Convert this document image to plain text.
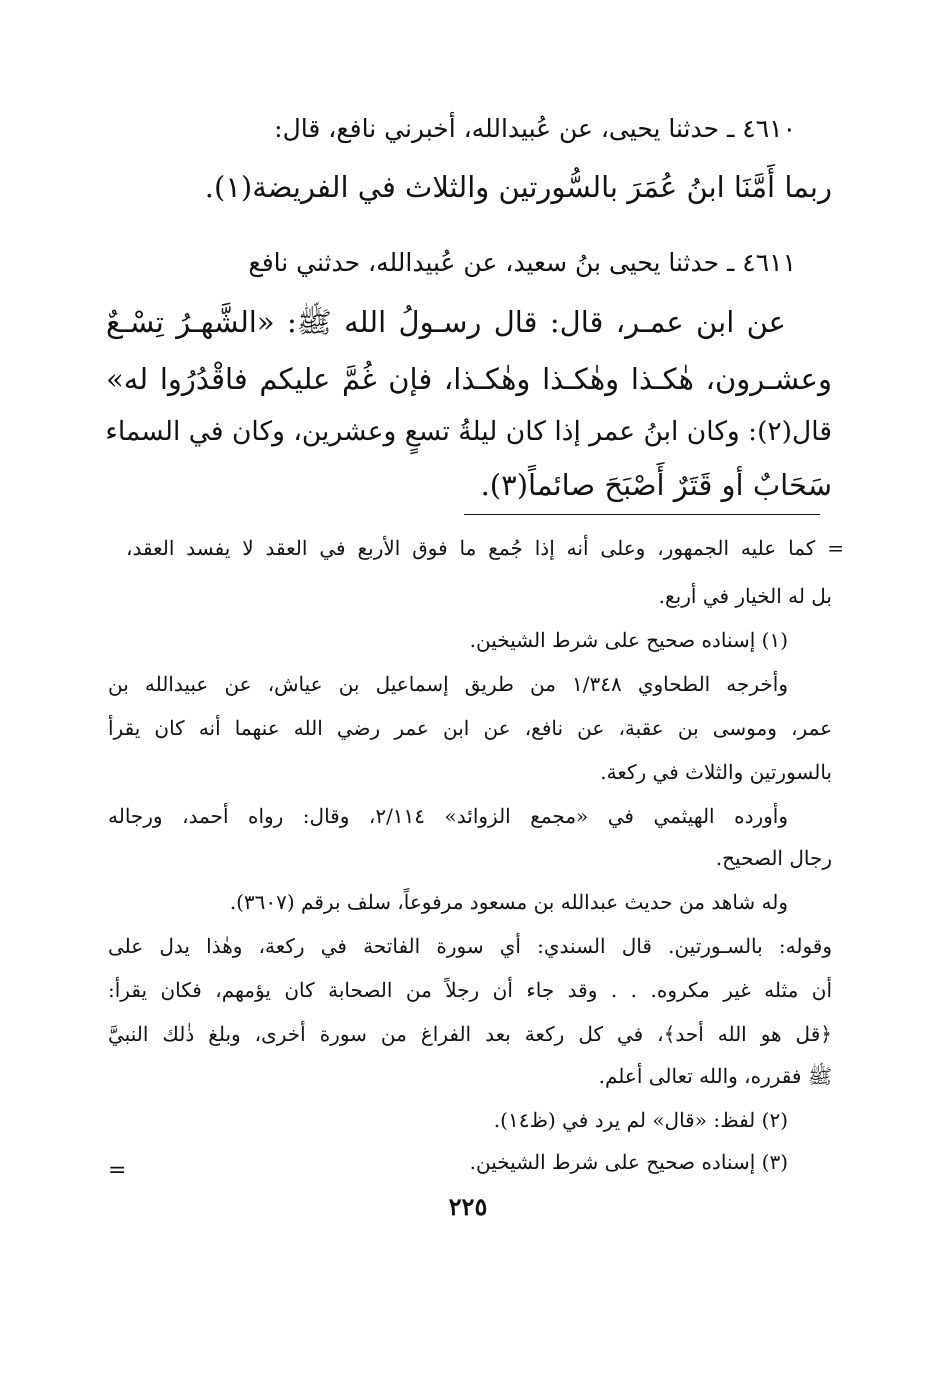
٤٦١٠ ـ حدثنا يحيى، عن عُبيدالله، أخبرني نافع، قال:
ربما أَمَّنَا ابنُ عُمَرَ بالسُّورتين والثلاث في الفريضة(١).
٤٦١١ ـ حدثنا يحيى بنُ سعيد، عن عُبيدالله، حدثني نافع
عن ابن عمـر، قال: قال رسـولُ الله ﷺ: «الشَّهـرُ تِسْـعٌ
وعشـرون، هٰكـذا وهٰكـذا وهٰكـذا، فإن غُمَّ عليكم فاقْدُرُوا له»
قال(٢): وكان ابنُ عمر إذا كان ليلةُ تسعٍ وعشرين، وكان في السماء
سَحَابٌ أو قَتَرٌ أَصْبَحَ صائماً(٣).
= كما عليه الجمهور، وعلى أنه إذا جُمع ما فوق الأربع في العقد لا يفسد العقد،
بل له الخيار في أربع.
(١) إسناده صحيح على شرط الشيخين.
وأخرجه الطحاوي ١/٣٤٨ من طريق إسماعيل بن عياش، عن عبيدالله بن
عمر، وموسى بن عقبة، عن نافع، عن ابن عمر رضي الله عنهما أنه كان يقرأ
بالسورتين والثلاث في ركعة.
وأورده الهيثمي في «مجمع الزوائد» ٢/١١٤، وقال: رواه أحمد، ورجاله
رجال الصحيح.
وله شاهد من حديث عبدالله بن مسعود مرفوعاً، سلف برقم (٣٦٠٧).
وقوله: بالسـورتين. قال السندي: أي سورة الفاتحة في ركعة، وهٰذا يدل على
أن مثله غير مكروه. . . وقد جاء أن رجلاً من الصحابة كان يؤمهم، فكان يقرأ:
﴿قل هو الله أحد﴾، في كل ركعة بعد الفراغ من سورة أخرى، وبلغ ذٰلك النبيَّ
ﷺ فقرره، والله تعالى أعلم.
(٢) لفظ: «قال» لم يرد في (ظ١٤).
(٣) إسناده صحيح على شرط الشيخين.
=
٢٢٥
